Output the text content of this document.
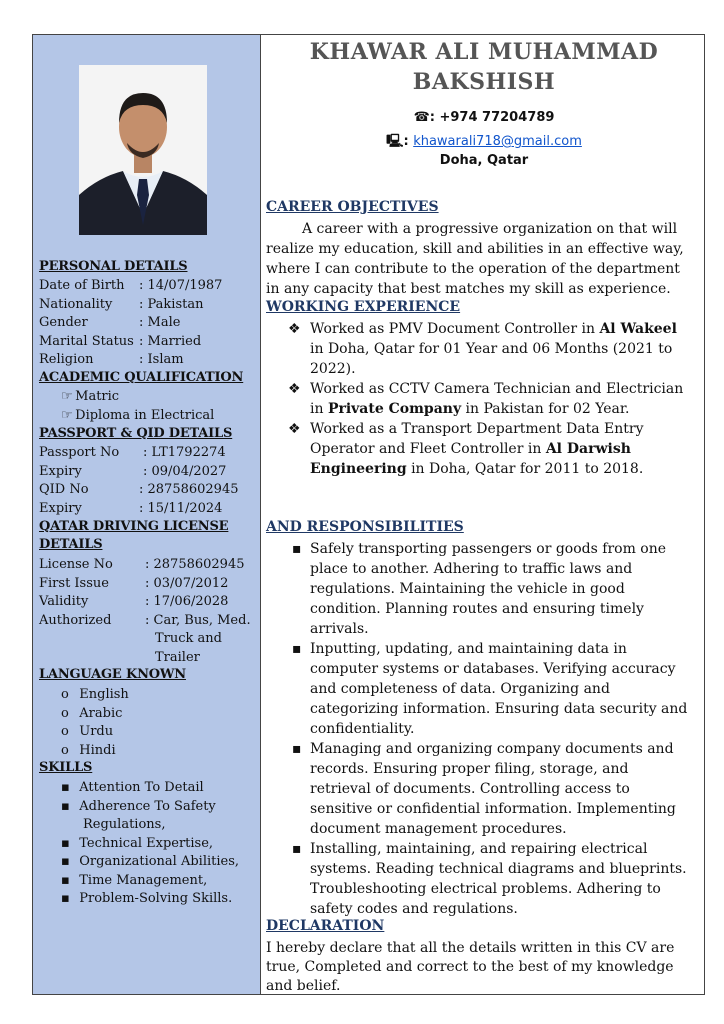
PERSONAL DETAILS
Date of Birth : 14/07/1987
Nationality : Pakistan
Gender	: Male
Marital Status : Married
Religion	: Islam
ACADEMIC QUALIFICATION
☞ Matric
☞ Diploma in Electrical
PASSPORT & QID DETAILS
Passport No : LT1792274
Expiry	: 09/04/2027
QID No	: 28758602945
Expiry	: 15/11/2024
QATAR DRIVING LICENSE
DETAILS
License No : 28758602945
First Issue	: 03/07/2012
Validity	: 17/06/2028
Authorized	: Car, Bus, Med.
Truck and
Trailer
LANGUAGE KNOWN
o English
o Arabic
o Urdu
o Hindi
SKILLS
▪ Attention To Detail
▪ Adherence To Safety
Regulations,
▪ Technical Expertise,
▪ Organizational Abilities,
▪ Time Management,
▪ Problem-Solving Skills.
KHAWAR ALI MUHAMMAD
BAKSHISH
☎: +974 77204789
🖳: khawarali718@gmail.com
Doha, Qatar
CAREER OBJECTIVES
A career with a progressive organization on that will
realize my education, skill and abilities in an effective way,
where I can contribute to the operation of the department
in any capacity that best matches my skill as experience.
WORKING EXPERIENCE
❖ Worked as PMV Document Controller in Al Wakeel
in Doha, Qatar for 01 Year and 06 Months (2021 to
2022).
❖ Worked as CCTV Camera Technician and Electrician
in Private Company in Pakistan for 02 Year.
❖ Worked as a Transport Department Data Entry
Operator and Fleet Controller in Al Darwish
Engineering in Doha, Qatar for 2011 to 2018.
AND RESPONSIBILITIES
▪ Safely transporting passengers or goods from one
place to another. Adhering to traffic laws and
regulations. Maintaining the vehicle in good
condition. Planning routes and ensuring timely
arrivals.
▪ Inputting, updating, and maintaining data in
computer systems or databases. Verifying accuracy
and completeness of data. Organizing and
categorizing information. Ensuring data security and
confidentiality.
▪ Managing and organizing company documents and
records. Ensuring proper filing, storage, and
retrieval of documents. Controlling access to
sensitive or confidential information. Implementing
document management procedures.
▪ Installing, maintaining, and repairing electrical
systems. Reading technical diagrams and blueprints.
Troubleshooting electrical problems. Adhering to
safety codes and regulations.
DECLARATION
I hereby declare that all the details written in this CV are
true, Completed and correct to the best of my knowledge
and belief.
